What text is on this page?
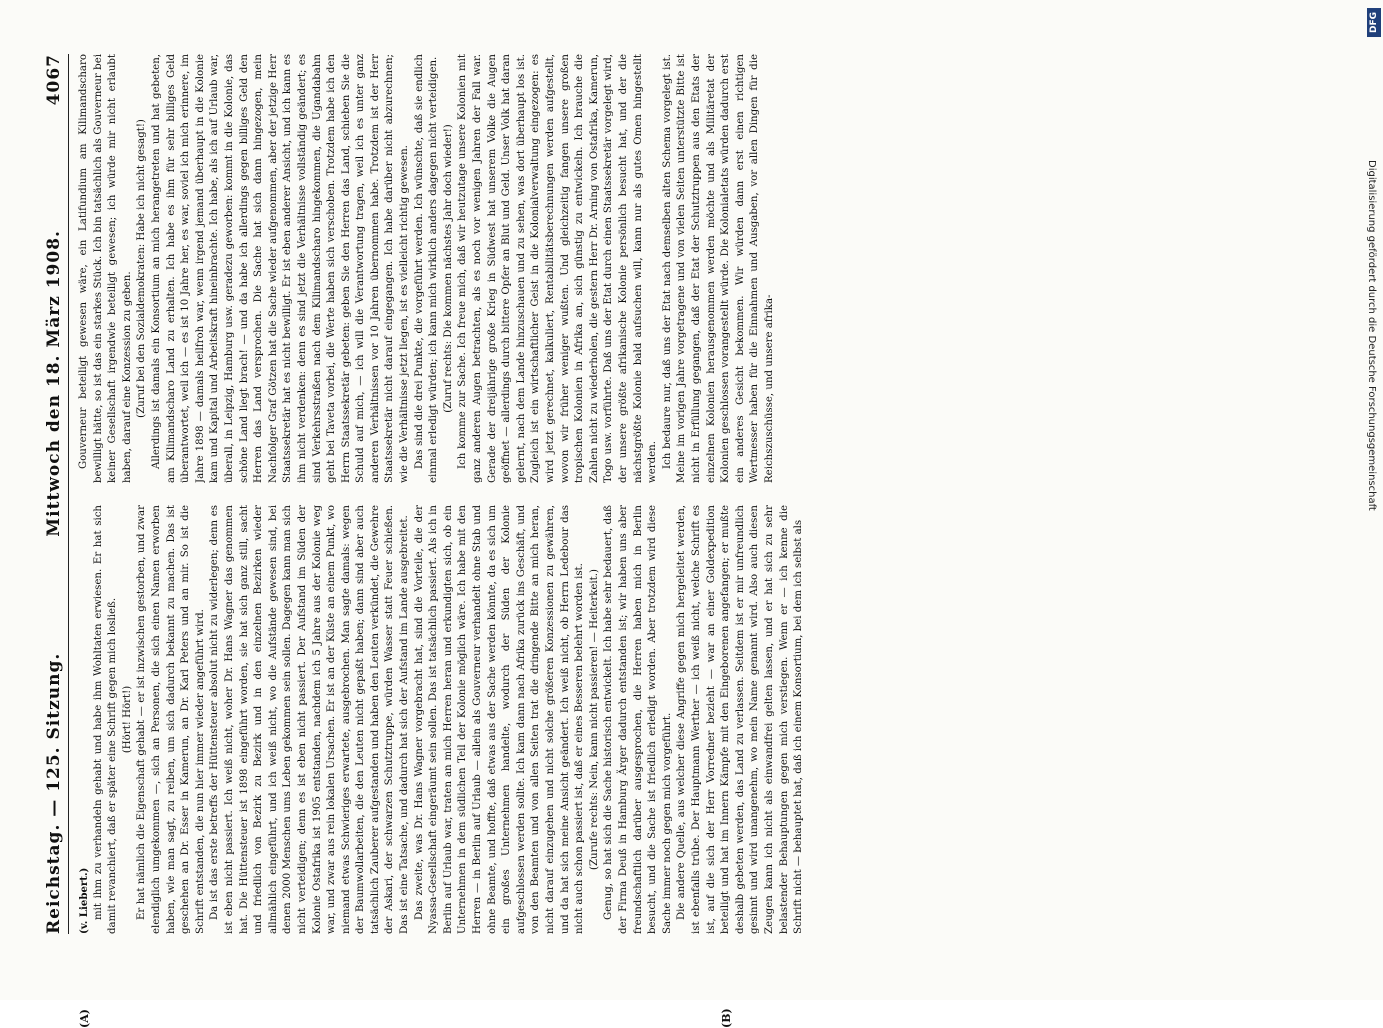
Reichstag. — 125. Sitzung.
Mittwoch den 18. März 1908.
4067

(v. Liebert.) mit ihm zu verhandeln gehabt und habe ihm Wohltaten erwiesen. Er hat sich damit revanchiert, daß er später eine Schrift gegen mich losließ. (Hört! Hört!) Er hat nämlich die Eigenschaft gehabt — er ist inzwischen gestorben, und zwar elendiglich umgekommen —, sich an Personen, die sich einen Namen erworben haben, wie man sagt, zu reiben, um sich dadurch bekannt zu machen. Das ist geschehen an Dr. Esser in Kamerun, an Dr. Karl Peters und an mir. So ist die Schrift entstanden, die nun hier immer wieder angeführt wird. Da ist das erste betreffs der Hüttensteuer absolut nicht zu widerlegen; denn es ist eben nicht passiert. Ich weiß nicht, woher Dr. Hans Wagner das genommen hat. Die Hüttensteuer ist 1898 eingeführt worden, sie hat sich ganz still, sacht und friedlich von Bezirk zu Bezirk und in den einzelnen Bezirken wieder allmählich eingeführt, und ich weiß nicht, wo die Aufstände gewesen sind, bei denen 2000 Menschen ums Leben gekommen sein sollen. Dagegen kann man sich nicht verteidigen; denn es ist eben nicht passiert. Der Aufstand im Süden der Kolonie Ostafrika ist 1905 entstanden, nachdem ich 5 Jahre aus der Kolonie weg war, und zwar aus rein lokalen Ursachen. Er ist an der Küste an einem Punkt, wo niemand etwas Schwieriges erwartete, ausgebrochen. Man sagte damals: wegen der Baumwollarbeiten, die den Leuten nicht gepaßt haben; dann sind aber auch tatsächlich Zauberer aufgestanden und haben den Leuten verkündet, die Gewehre der Askari, der schwarzen Schutztruppe, würden Wasser statt Feuer schießen. Das ist eine Tatsache, und dadurch hat sich der Aufstand im Lande ausgebreitet. Das zweite, was Dr. Hans Wagner vorgebracht hat, sind die Vorteile, die der Nyassa-Gesellschaft eingeräumt sein sollen. Das ist tatsächlich passiert. Als ich in Berlin auf Urlaub war, traten an mich Herren heran und erkundigten sich, ob ein Unternehmen in dem südlichen Teil der Kolonie möglich wäre. Ich habe mit den Herren — in Berlin auf Urlaub — allein als Gouverneur verhandelt ohne Stab und ohne Beamte, und hoffte, daß etwas aus der Sache werden könnte, da es sich um ein großes Unternehmen handelte, wodurch der Süden der Kolonie aufgeschlossen werden sollte. Ich kam dann nach Afrika zurück ins Geschäft, und von den Beamten und von allen Seiten trat die dringende Bitte an mich heran, nicht darauf einzugehen und nicht solche größeren Konzessionen zu gewähren, und da hat sich meine Ansicht geändert. Ich weiß nicht, ob Herrn Ledebour das nicht auch schon passiert ist, daß er eines Besseren belehrt worden ist. (Zurufe rechts: Nein, kann nicht passieren! — Heiterkeit.) Genug, so hat sich die Sache historisch entwickelt. Ich habe sehr bedauert, daß der Firma Deuß in Hamburg Ärger dadurch entstanden ist; wir haben uns aber freundschaftlich darüber ausgesprochen, die Herren haben mich in Berlin besucht, und die Sache ist friedlich erledigt worden. Aber trotzdem wird diese Sache immer noch gegen mich vorgeführt. Die andere Quelle, aus welcher diese Angriffe gegen mich hergeleitet werden, ist ebenfalls trübe. Der Hauptmann Werther — ich weiß nicht, welche Schrift es ist, auf die sich der Herr Vorredner bezieht — war an einer Goldexpedition beteiligt und hat im Innern Kämpfe mit den Eingeborenen angefangen; er mußte deshalb gebeten werden, das Land zu verlassen. Seitdem ist er mir unfreundlich gesinnt und wird unangenehm, wo mein Name genannt wird. Also auch diesen Zeugen kann ich nicht als einwandfrei gelten lassen, und er hat sich zu sehr belastender Behauptungen gegen mich verstiegen. Wenn er — ich kenne die Schrift nicht — behauptet hat, daß ich einem Konsortium, bei dem ich selbst als

Gouverneur beteiligt gewesen wäre, ein Latifundium am Kilimandscharo bewilligt hätte, so ist das ein starkes Stück. Ich bin tatsächlich als Gouverneur bei keiner Gesellschaft irgendwie beteiligt gewesen; ich würde mir nicht erlaubt haben, darauf eine Konzession zu geben. (Zuruf bei den Sozialdemokraten: Habe ich nicht gesagt!) Allerdings ist damals ein Konsortium an mich herangetreten und hat gebeten, am Kilimandscharo Land zu erhalten. Ich habe es ihm für sehr billiges Geld überantwortet, weil ich — es ist 10 Jahre her, es war, soviel ich mich erinnere, im Jahre 1898 — damals heilfroh war, wenn irgend jemand überhaupt in die Kolonie kam und Kapital und Arbeitskraft hineinbrachte. Ich habe, als ich auf Urlaub war, überall, in Leipzig, Hamburg usw. geradezu geworben: kommt in die Kolonie, das schöne Land liegt brach! — und da habe ich allerdings gegen billiges Geld den Herren das Land versprochen. Die Sache hat sich dann hingezogen, mein Nachfolger Graf Götzen hat die Sache wieder aufgenommen, aber der jetzige Herr Staatssekretär hat es nicht bewilligt. Er ist eben anderer Ansicht, und ich kann es ihm nicht verdenken: denn es sind jetzt die Verhältnisse vollständig geändert; es sind Verkehrsstraßen nach dem Kilimandscharo hingekommen, die Ugandabahn geht bei Taveta vorbei, die Werte haben sich verschoben. Trotzdem habe ich den Herrn Staatssekretär gebeten: geben Sie den Herren das Land, schieben Sie die Schuld auf mich, — ich will die Verantwortung tragen, weil ich es unter ganz anderen Verhältnissen vor 10 Jahren übernommen habe. Trotzdem ist der Herr Staatssekretär nicht darauf eingegangen. Ich habe darüber nicht abzurechnen; wie die Verhältnisse jetzt liegen, ist es vielleicht richtig gewesen. Das sind die drei Punkte, die vorgeführt werden. Ich wünschte, daß sie endlich einmal erledigt würden; ich kann mich wirklich anders dagegen nicht verteidigen. (Zuruf rechts: Die kommen nächstes Jahr doch wieder!) Ich komme zur Sache. Ich freue mich, daß wir heutzutage unsere Kolonien mit ganz anderen Augen betrachten, als es noch vor wenigen Jahren der Fall war. Gerade der dreijährige große Krieg in Südwest hat unserem Volke die Augen geöffnet — allerdings durch bittere Opfer an Blut und Geld. Unser Volk hat daran gelernt, nach dem Lande hinzuschauen und zu sehen, was dort überhaupt los ist. Zugleich ist ein wirtschaftlicher Geist in die Kolonialverwaltung eingezogen: es wird jetzt gerechnet, kalkuliert, Rentabilitätsberechnungen werden aufgestellt, wovon wir früher weniger wußten. Und gleichzeitig fangen unsere großen tropischen Kolonien in Afrika an, sich günstig zu entwickeln. Ich brauche die Zahlen nicht zu wiederholen, die gestern Herr Dr. Arning von Ostafrika, Kamerun, Togo usw. vorführte. Daß uns der Etat durch einen Staatssekretär vorgelegt wird, der unsere größte afrikanische Kolonie persönlich besucht hat, und der die nächstgrößte Kolonie bald aufsuchen will, kann nur als gutes Omen hingestellt werden. Ich bedaure nur, daß uns der Etat nach demselben alten Schema vorgelegt ist. Meine im vorigen Jahre vorgetragene und von vielen Seiten unterstützte Bitte ist nicht in Erfüllung gegangen, daß der Etat der Schutztruppen aus den Etats der einzelnen Kolonien herausgenommen werden möchte und als Militäretat der Kolonien geschlossen vorangestellt würde. Die Kolonialetats würden dadurch erst ein anderes Gesicht bekommen. Wir würden dann erst einen richtigen Wertmesser haben für die Einnahmen und Ausgaben, vor allen Dingen für die Reichszuschüsse, und unsere afrika-

(A)	(B)
DFG
Digitalisierung gefördert durch die Deutsche Forschungsgemeinschaft
